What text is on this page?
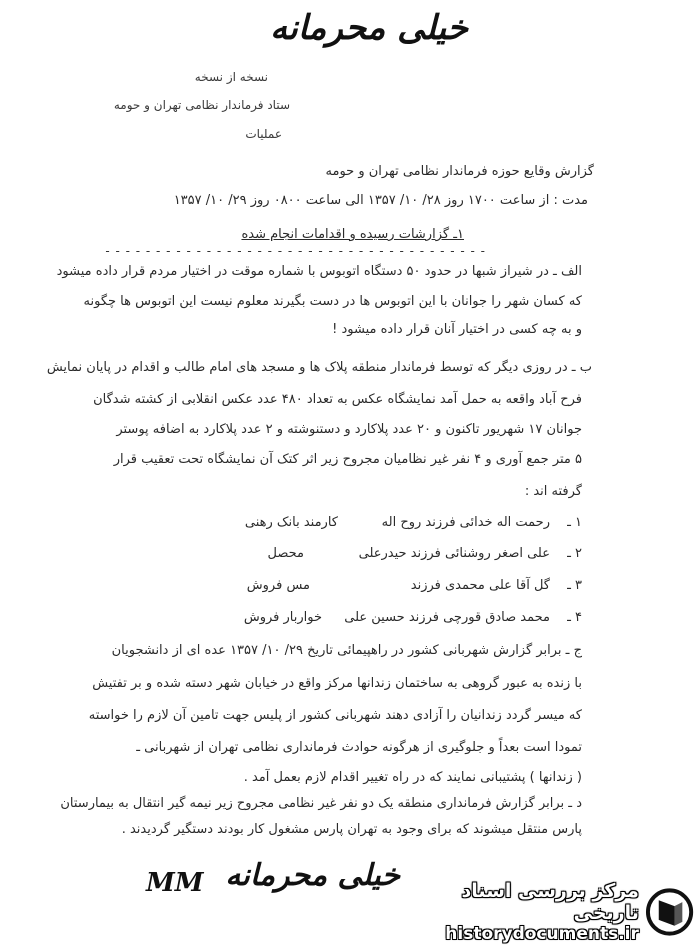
خیلی محرمانه
نسخه از نسخه
ستاد فرماندار نظامی تهران و حومه
عملیات
گزارش وقایع حوزه فرماندار نظامی تهران و حومه
مدت : از ساعت ۱۷۰۰ روز ۲۸/ ۱۰/ ۱۳۵۷ الی ساعت ۰۸۰۰ روز ۲۹/ ۱۰/ ۱۳۵۷
۱ـ گزارشات رسیده و اقدامات انجام شده
- - - - - - - - - - - - - - - - - - - - - - - - - - - - - - - - - - - - - -
الف ـ در شیراز شبها در حدود ۵۰ دستگاه اتوبوس با شماره موقت در اختیار مردم قرار داده میشود
که کسان شهر را جوانان با این اتوبوس ها در دست بگیرند معلوم نیست این اتوبوس ها چگونه
و به چه کسی در اختیار آنان قرار داده میشود !
ب ـ در روزی دیگر که توسط فرماندار منطقه پلاک ها و مسجد های امام طالب و اقدام در پایان نمایش
فرح آباد واقعه به حمل آمد نمایشگاه عکس به تعداد ۴۸۰ عدد عکس انقلابی از کشته شدگان
جوانان ۱۷ شهریور تاکنون و ۲۰ عدد پلاکارد و دستنوشته و ۲ عدد پلاکارد به اضافه پوستر
۵ متر جمع آوری و ۴ نفر غیر نظامیان مجروح زیر اثر کتک آن نمایشگاه تحت تعقیب قرار
گرفته اند :
۱ ـ
رحمت اله خدائی فرزند روح اله
کارمند بانک رهنی
۲ ـ
علی اصغر روشنائی فرزند حیدرعلی
محصل
۳ ـ
گل آقا علی محمدی فرزند
مس فروش
۴ ـ
محمد صادق قورچی فرزند حسین علی
خواربار فروش
ج ـ برابر گزارش شهربانی کشور در راهپیمائی تاریخ ۲۹/ ۱۰/ ۱۳۵۷ عده ای از دانشجویان
با زنده به عبور گروهی به ساختمان زندانها مرکز واقع در خیابان شهر دسته شده و بر تفتیش
که میسر گردد زندانیان را آزادی دهند شهربانی کشور از پلیس جهت تامین آن لازم را خواسته
تمودا است بعداً و جلوگیری از هرگونه حوادث فرمانداری نظامی تهران از شهربانی ـ
( زندانها ) پشتیبانی نمایند که در راه تغییر اقدام لازم بعمل آمد .
د ـ برابر گزارش فرمانداری منطقه یک دو نفر غیر نظامی مجروح زیر نیمه گیر انتقال به بیمارستان
پارس منتقل میشوند که برای وجود به تهران پارس مشغول کار بودند دستگیر گردیدند .
MM خیلی محرمانه	مرکز بررسی اسناد تاریخی
historydocuments.ir
